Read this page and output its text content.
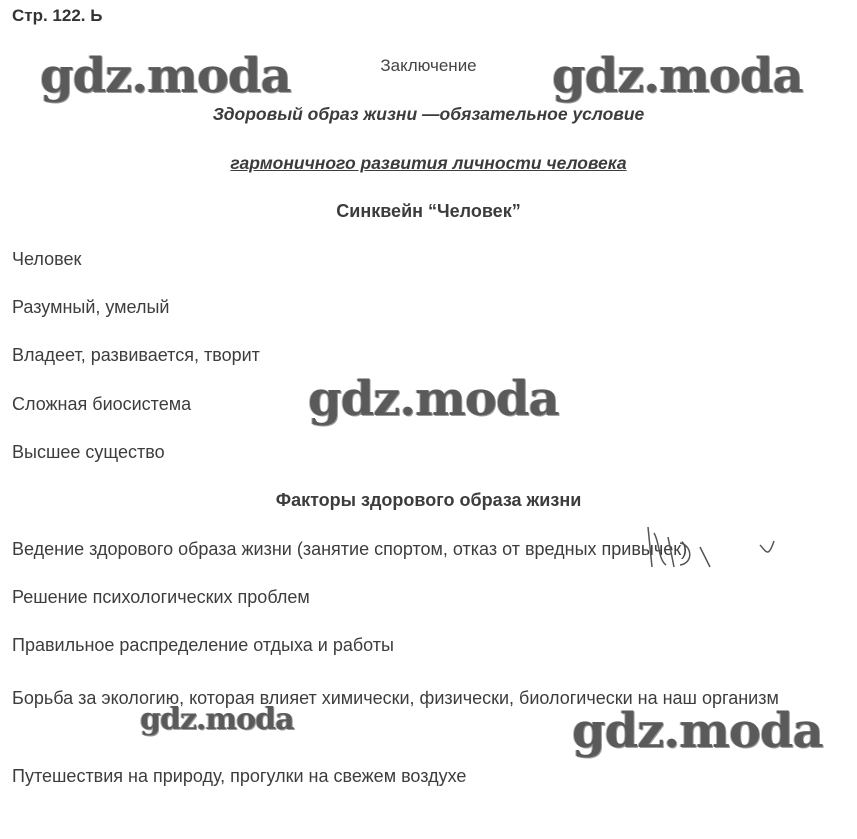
Стр. 122. Ь
Заключение
Здоровый образ жизни —обязательное условие
гармоничного развития личности человека
Синквейн “Человек”
Человек
Разумный, умелый
Владеет, развивается, творит
Сложная биосистема
Высшее существо
Факторы здорового образа жизни
Ведение здорового образа жизни (занятие спортом, отказ от вредных привычек)
Решение психологических проблем
Правильное распределение отдыха и работы
Борьба за экологию, которая влияет химически, физически, биологически на наш организм
Путешествия на природу, прогулки на свежем воздухе
gdz.moda	gdz.moda
gdz.moda
gdz.moda	gdz.moda
